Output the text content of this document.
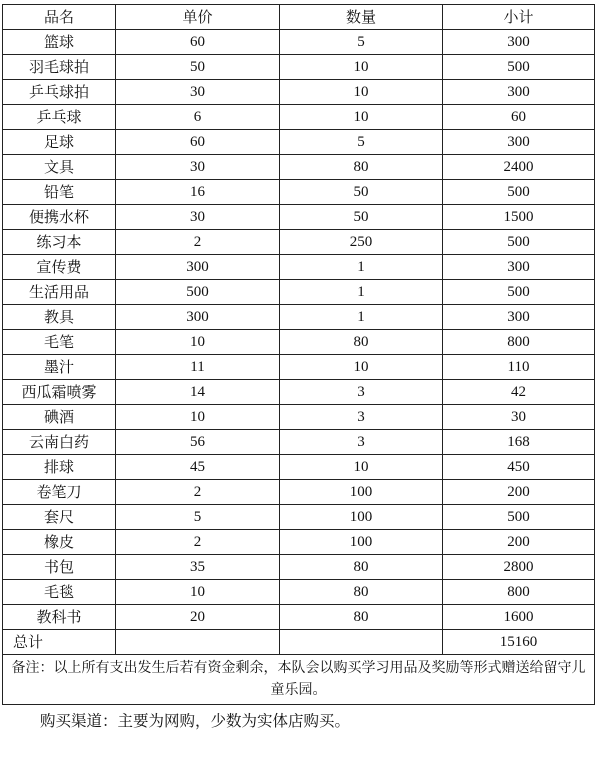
品名	单价	数量	小计
篮球	60	5	300
羽毛球拍	50	10	500
乒乓球拍	30	10	300
乒乓球	6	10	60
足球	60	5	300
文具	30	80	2400
铅笔	16	50	500
便携水杯	30	50	1500
练习本	2	250	500
宣传费	300	1	300
生活用品	500	1	500
教具	300	1	300
毛笔	10	80	800
墨汁	11	10	110
西瓜霜喷雾	14	3	42
碘酒	10	3	30
云南白药	56	3	168
排球	45	10	450
卷笔刀	2	100	200
套尺	5	100	500
橡皮	2	100	200
书包	35	80	2800
毛毯	10	80	800
教科书	20	80	1600
总计			15160
备注：以上所有支出发生后若有资金剩余，本队会以购买学习用品及奖励等形式赠送给留守儿童乐园。			
购买渠道：主要为网购，少数为实体店购买。
